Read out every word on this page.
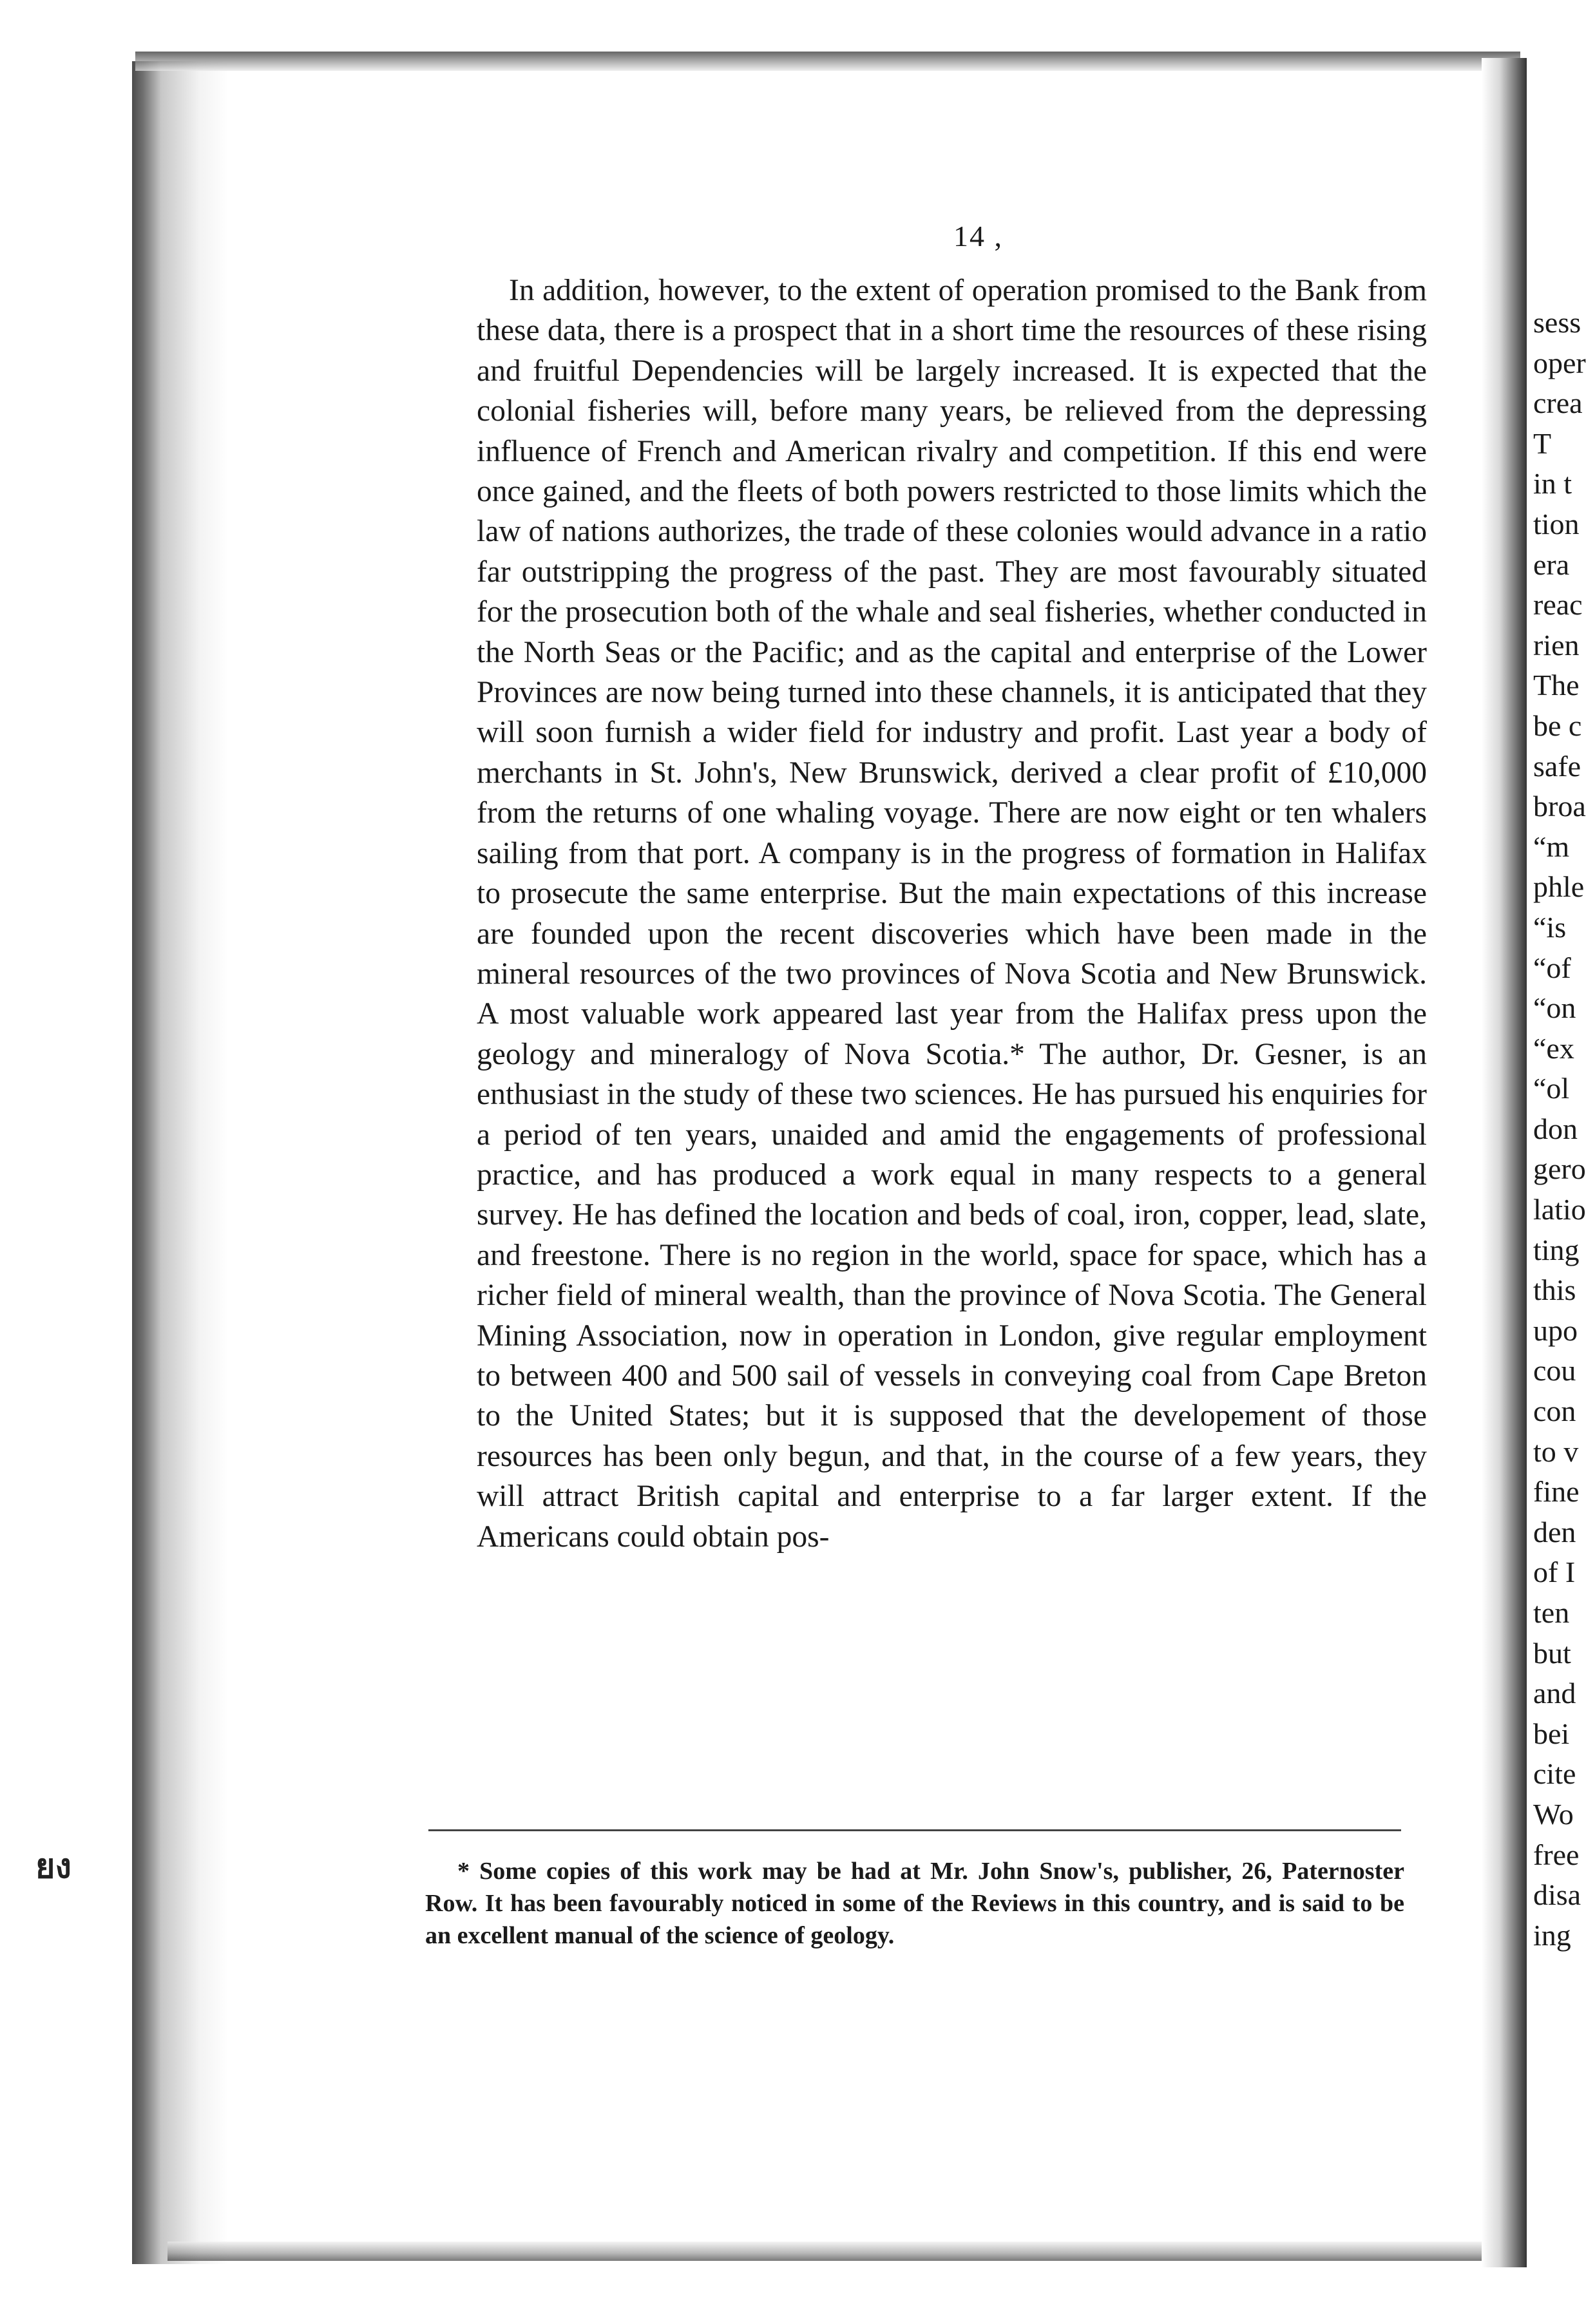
ยง
14 ,

In addition, however, to the extent of operation promised to the Bank from these data, there is a prospect that in a short time the resources of these rising and fruitful Dependencies will be largely increased. It is expected that the colonial fisheries will, before many years, be relieved from the depressing influence of French and American rivalry and competition. If this end were once gained, and the fleets of both powers restricted to those limits which the law of nations authorizes, the trade of these colonies would advance in a ratio far outstripping the progress of the past. They are most favourably situated for the prosecution both of the whale and seal fisheries, whether conducted in the North Seas or the Pacific; and as the capital and enterprise of the Lower Provinces are now being turned into these channels, it is anticipated that they will soon furnish a wider field for industry and profit. Last year a body of merchants in St. John's, New Brunswick, derived a clear profit of £10,000 from the returns of one whaling voyage. There are now eight or ten whalers sailing from that port. A company is in the progress of formation in Halifax to prosecute the same enterprise. But the main expectations of this increase are founded upon the recent discoveries which have been made in the mineral resources of the two provinces of Nova Scotia and New Brunswick. A most valuable work appeared last year from the Halifax press upon the geology and mineralogy of Nova Scotia.* The author, Dr. Gesner, is an enthusiast in the study of these two sciences. He has pursued his enquiries for a period of ten years, unaided and amid the engagements of professional practice, and has produced a work equal in many respects to a general survey. He has defined the location and beds of coal, iron, copper, lead, slate, and freestone. There is no region in the world, space for space, which has a richer field of mineral wealth, than the province of Nova Scotia. The General Mining Association, now in operation in London, give regular employment to between 400 and 500 sail of vessels in conveying coal from Cape Breton to the United States; but it is supposed that the developement of those resources has been only begun, and that, in the course of a few years, they will attract British capital and enterprise to a far larger extent. If the Americans could obtain pos-

* Some copies of this work may be had at Mr. John Snow's, publisher, 26, Paternoster Row. It has been favourably noticed in some of the Reviews in this country, and is said to be an excellent manual of the science of geology.

sess
oper
crea
T
in t
tion
era
reac
rien
The
be c
safe
broa
“m
phle
“is
“of
“on
“ex
“ol
don
gero
latio
ting
this
upo
cou
con
to v
fine
den
of I
ten
but
and
bei
cite
Wo
free
disa
ing
